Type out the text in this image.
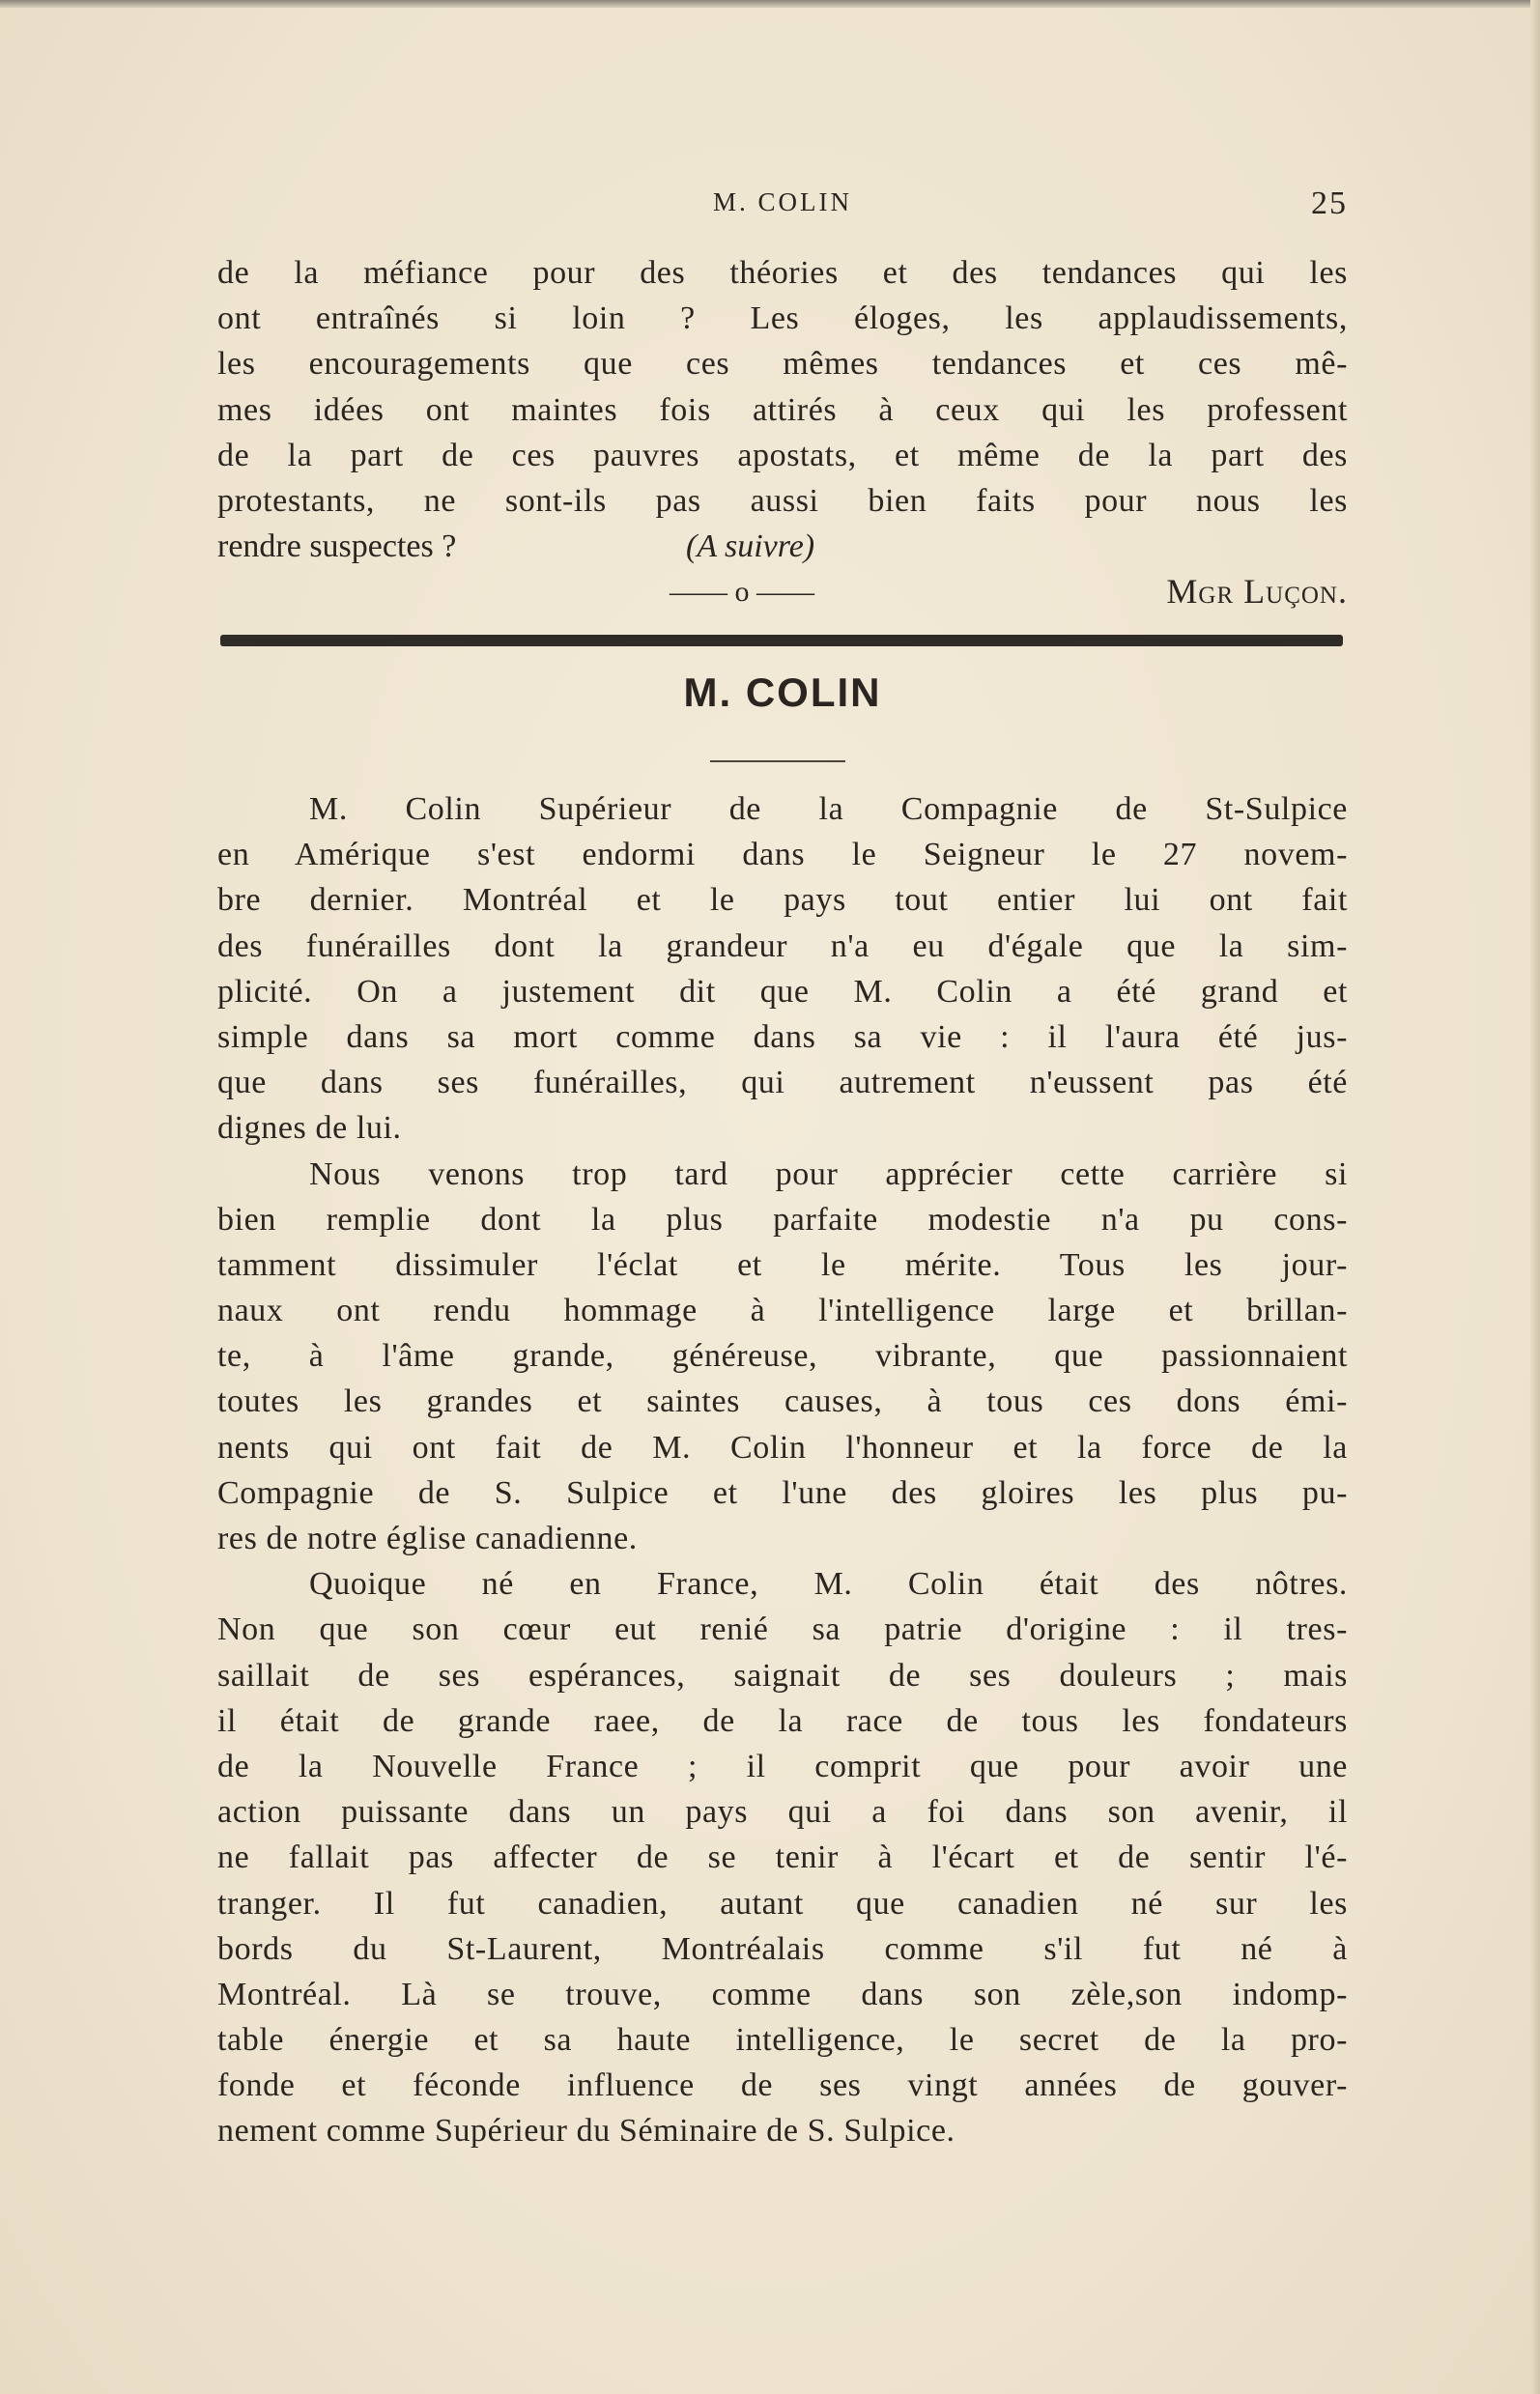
M. COLIN	25
de la méfiance pour des théories et des tendances qui les
ont entraînés si loin ? Les éloges, les applaudissements,
les encouragements que ces mêmes tendances et ces mê-
mes idées ont maintes fois attirés à ceux qui les professent
de la part de ces pauvres apostats, et même de la part des
protestants, ne sont-ils pas aussi bien faits pour nous les
rendre suspectes ?	(A suivre)
—— o ——	Mgr Luçon.
M. COLIN
M. Colin Supérieur de la Compagnie de St-Sulpice
en Amérique s'est endormi dans le Seigneur le 27 novem-
bre dernier. Montréal et le pays tout entier lui ont fait
des funérailles dont la grandeur n'a eu d'égale que la sim-
plicité. On a justement dit que M. Colin a été grand et
simple dans sa mort comme dans sa vie : il l'aura été jus-
que dans ses funérailles, qui autrement n'eussent pas été
dignes de lui.
Nous venons trop tard pour apprécier cette carrière si
bien remplie dont la plus parfaite modestie n'a pu cons-
tamment dissimuler l'éclat et le mérite. Tous les jour-
naux ont rendu hommage à l'intelligence large et brillan-
te, à l'âme grande, généreuse, vibrante, que passionnaient
toutes les grandes et saintes causes, à tous ces dons émi-
nents qui ont fait de M. Colin l'honneur et la force de la
Compagnie de S. Sulpice et l'une des gloires les plus pu-
res de notre église canadienne.
Quoique né en France, M. Colin était des nôtres.
Non que son cœur eut renié sa patrie d'origine : il tres-
saillait de ses espérances, saignait de ses douleurs ; mais
il était de grande raee, de la race de tous les fondateurs
de la Nouvelle France ; il comprit que pour avoir une
action puissante dans un pays qui a foi dans son avenir, il
ne fallait pas affecter de se tenir à l'écart et de sentir l'é-
tranger. Il fut canadien, autant que canadien né sur les
bords du St-Laurent, Montréalais comme s'il fut né à
Montréal. Là se trouve, comme dans son zèle,son indomp-
table énergie et sa haute intelligence, le secret de la pro-
fonde et féconde influence de ses vingt années de gouver-
nement comme Supérieur du Séminaire de S. Sulpice.
